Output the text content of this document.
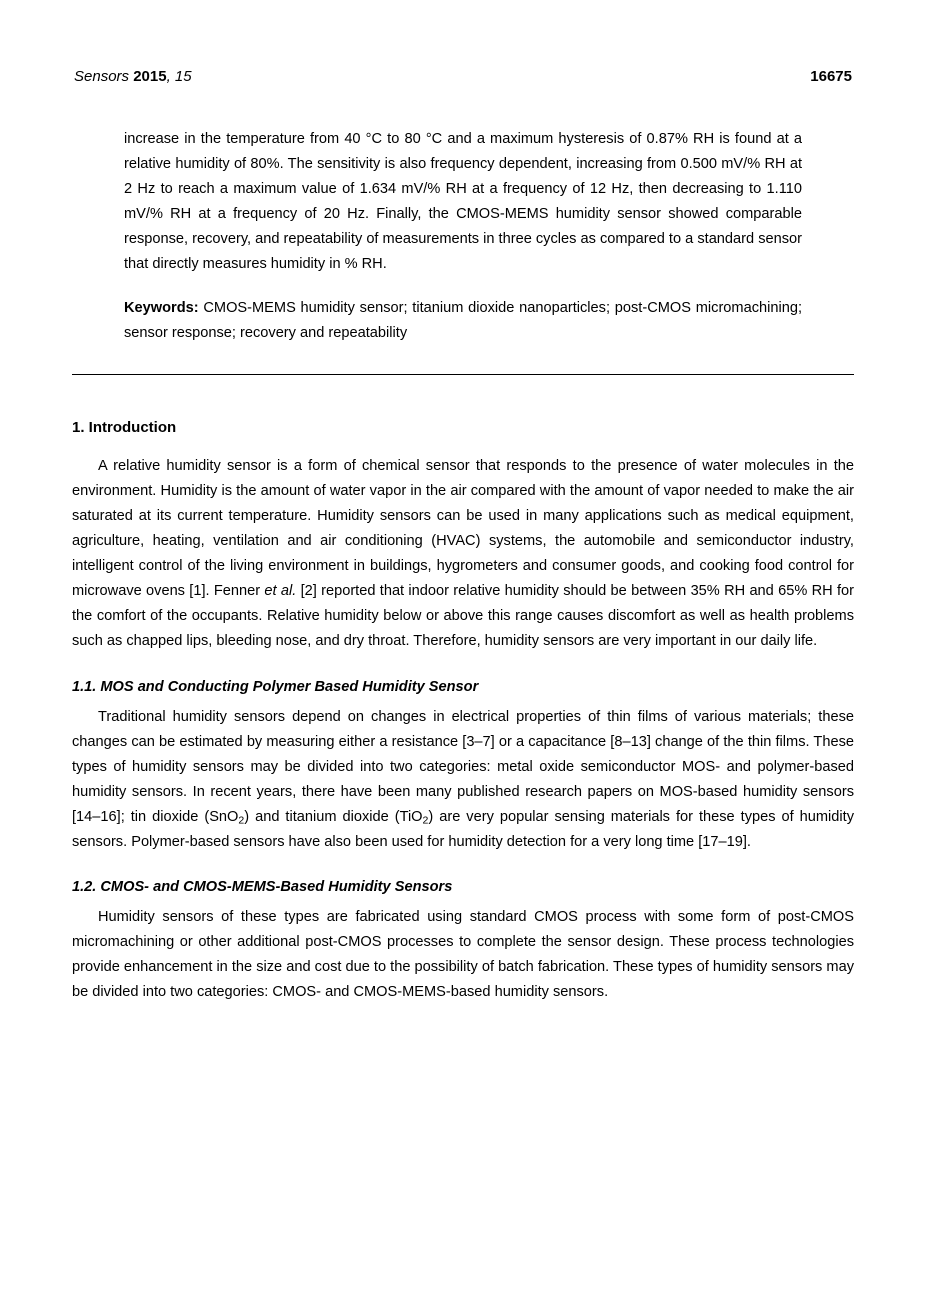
Sensors 2015, 15	16675

increase in the temperature from 40 °C to 80 °C and a maximum hysteresis of 0.87% RH is found at a relative humidity of 80%. The sensitivity is also frequency dependent, increasing from 0.500 mV/% RH at 2 Hz to reach a maximum value of 1.634 mV/% RH at a frequency of 12 Hz, then decreasing to 1.110 mV/% RH at a frequency of 20 Hz. Finally, the CMOS-MEMS humidity sensor showed comparable response, recovery, and repeatability of measurements in three cycles as compared to a standard sensor that directly measures humidity in % RH.

Keywords: CMOS-MEMS humidity sensor; titanium dioxide nanoparticles; post-CMOS micromachining; sensor response; recovery and repeatability

1. Introduction

A relative humidity sensor is a form of chemical sensor that responds to the presence of water molecules in the environment. Humidity is the amount of water vapor in the air compared with the amount of vapor needed to make the air saturated at its current temperature. Humidity sensors can be used in many applications such as medical equipment, agriculture, heating, ventilation and air conditioning (HVAC) systems, the automobile and semiconductor industry, intelligent control of the living environment in buildings, hygrometers and consumer goods, and cooking food control for microwave ovens [1]. Fenner et al. [2] reported that indoor relative humidity should be between 35% RH and 65% RH for the comfort of the occupants. Relative humidity below or above this range causes discomfort as well as health problems such as chapped lips, bleeding nose, and dry throat. Therefore, humidity sensors are very important in our daily life.

1.1. MOS and Conducting Polymer Based Humidity Sensor

Traditional humidity sensors depend on changes in electrical properties of thin films of various materials; these changes can be estimated by measuring either a resistance [3–7] or a capacitance [8–13] change of the thin films. These types of humidity sensors may be divided into two categories: metal oxide semiconductor MOS- and polymer-based humidity sensors. In recent years, there have been many published research papers on MOS-based humidity sensors [14–16]; tin dioxide (SnO$_2$) and titanium dioxide (TiO$_2$) are very popular sensing materials for these types of humidity sensors. Polymer-based sensors have also been used for humidity detection for a very long time [17–19].

1.2. CMOS- and CMOS-MEMS-Based Humidity Sensors

Humidity sensors of these types are fabricated using standard CMOS process with some form of post-CMOS micromachining or other additional post-CMOS processes to complete the sensor design. These process technologies provide enhancement in the size and cost due to the possibility of batch fabrication. These types of humidity sensors may be divided into two categories: CMOS- and CMOS-MEMS-based humidity sensors.
